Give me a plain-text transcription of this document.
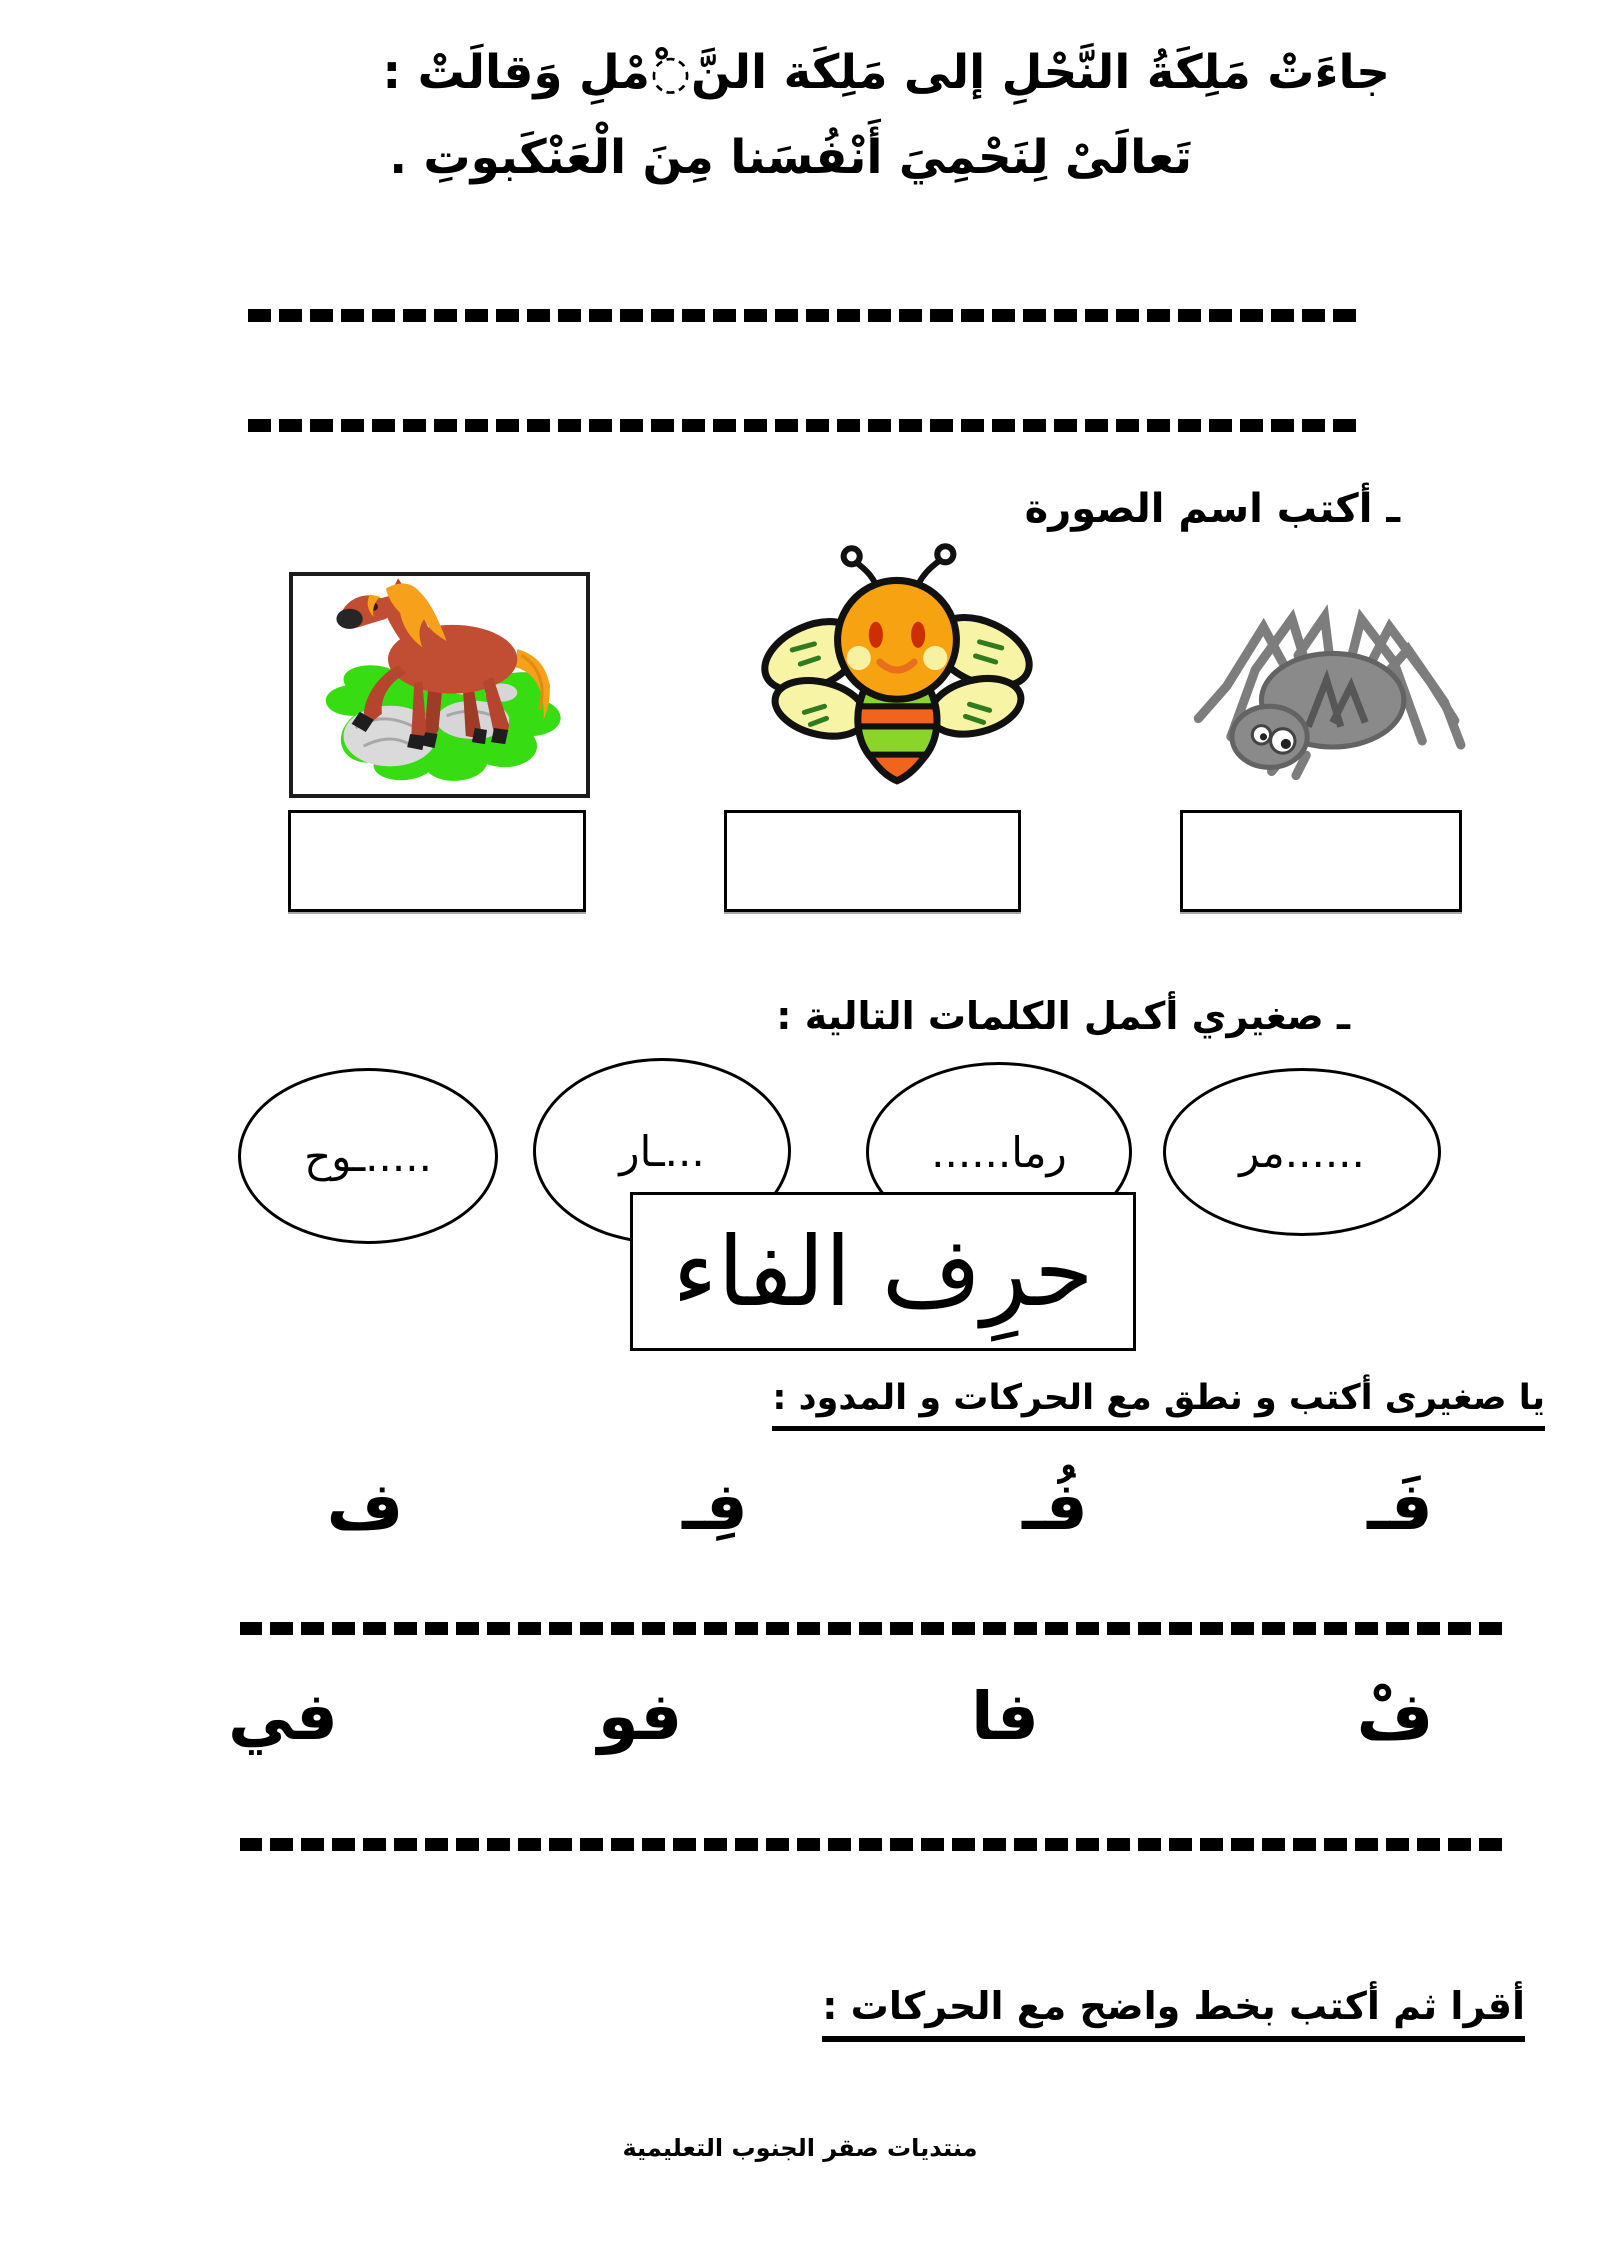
جاءَتْ مَلِكَةُ النَّحْلِ إلى مَلِكَة النَّ◌ْمْلِ وَقالَتْ :
تَعالَىْ لِنَحْمِيَ أَنْفُسَنا مِنَ الْعَنْكَبوتِ .
ـ أكتب اسم الصورة
ـ صغيري أكمل الكلمات التالية :
......مر
رما......
...ـار
.....ـوح
حرِف الفاء
يا صغيرى أكتب و نطق مع الحركات و المدود :
فَـ
فُـ
فِـ
ف
فْ
فا
فو
في
أقرا ثم أكتب بخط واضح مع الحركات :
منتديات صقر الجنوب التعليمية
